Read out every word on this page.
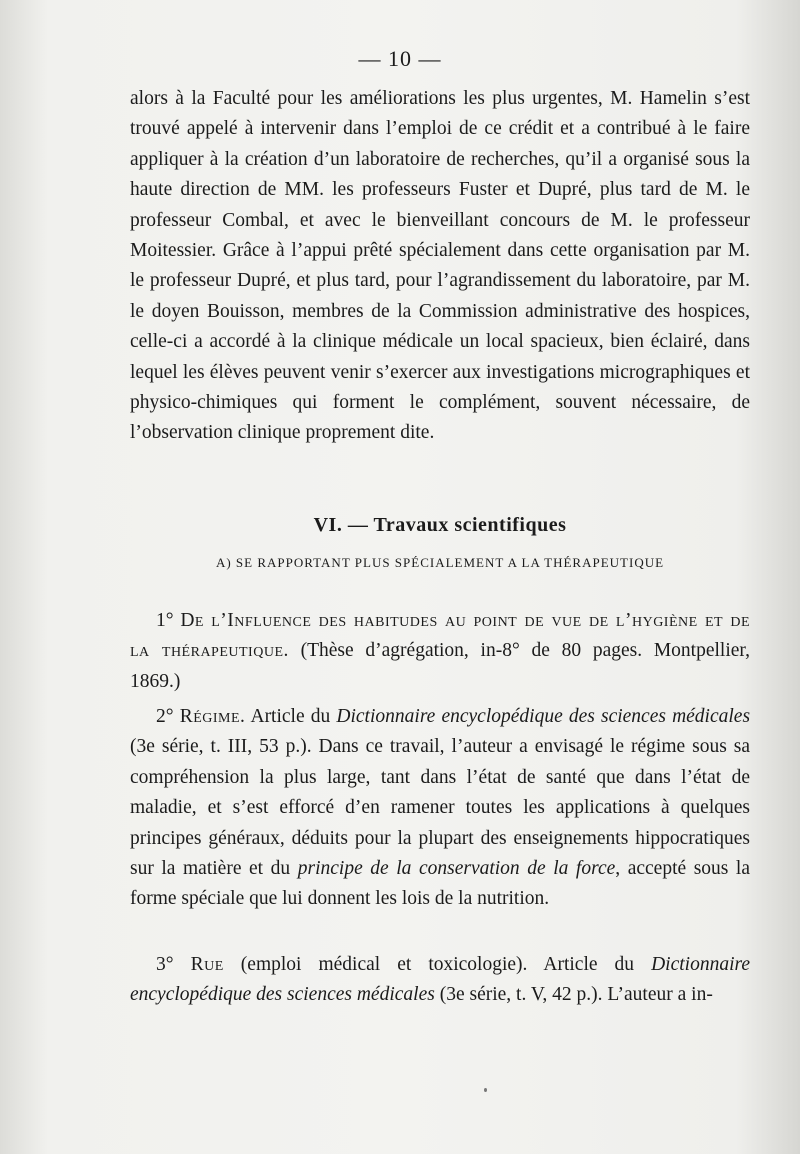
— 10 —

alors à la Faculté pour les améliorations les plus urgentes, M. Hamelin s’est trouvé appelé à intervenir dans l’emploi de ce crédit et a contribué à le faire appliquer à la création d’un laboratoire de recherches, qu’il a organisé sous la haute direction de MM. les professeurs Fuster et Dupré, plus tard de M. le professeur Combal, et avec le bienveillant concours de M. le professeur Moitessier. Grâce à l’appui prêté spécialement dans cette organisation par M. le professeur Dupré, et plus tard, pour l’agrandissement du laboratoire, par M. le doyen Bouisson, membres de la Commission administrative des hospices, celle-ci a accordé à la clinique médicale un local spacieux, bien éclairé, dans lequel les élèves peuvent venir s’exercer aux investigations micrographiques et physico-chimiques qui forment le complément, souvent nécessaire, de l’observation clinique proprement dite.

VI. — Travaux scientifiques
A) SE RAPPORTANT PLUS SPÉCIALEMENT A LA THÉRAPEUTIQUE

1° De l’Influence des habitudes au point de vue de l’hygiène et de la thérapeutique. (Thèse d’agrégation, in-8° de 80 pages. Montpellier, 1869.)

2° Régime. Article du Dictionnaire encyclopédique des sciences médicales (3e série, t. III, 53 p.). Dans ce travail, l’auteur a envisagé le régime sous sa compréhension la plus large, tant dans l’état de santé que dans l’état de maladie, et s’est efforcé d’en ramener toutes les applications à quelques principes généraux, déduits pour la plupart des enseignements hippocratiques sur la matière et du principe de la conservation de la force, accepté sous la forme spéciale que lui donnent les lois de la nutrition.

3° Rue (emploi médical et toxicologie). Article du Dictionnaire encyclopédique des sciences médicales (3e série, t. V, 42 p.). L’auteur a in-
